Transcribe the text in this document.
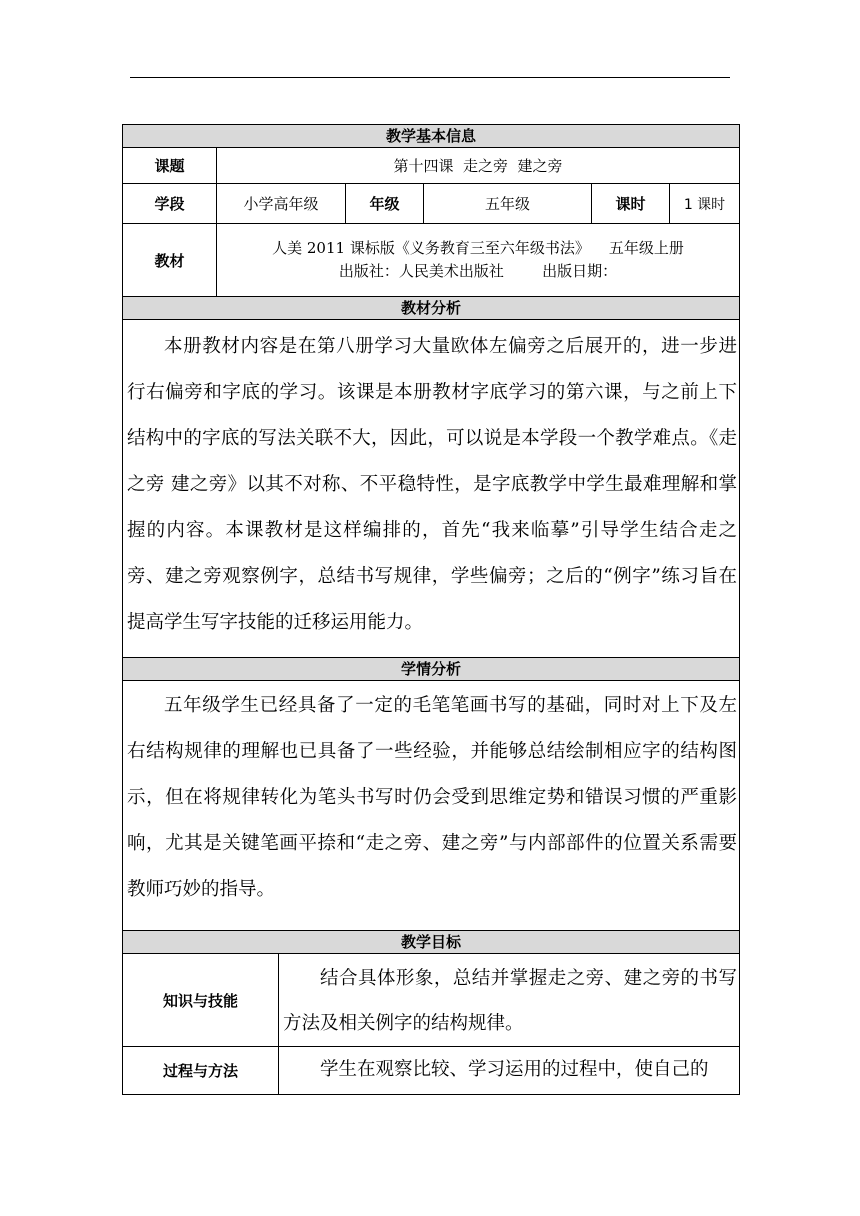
教学基本信息						
课题	第十四课  走之旁  建之旁					
学段	小学高年级		年级	五年级	课时	1 课时
教材	人美 2011 课标版《义务教育三至六年级书法》    五年级上册
出版社：人民美术出版社        出版日期：					

教材分析						

本册教材内容是在第八册学习大量欧体左偏旁之后展开的，进一步进行右偏旁和字底的学习。该课是本册教材字底学习的第六课，与之前上下结构中的字底的写法关联不大，因此，可以说是本学段一个教学难点。《走之旁 建之旁》以其不对称、不平稳特性，是字底教学中学生最难理解和掌握的内容。本课教材是这样编排的，首先“我来临摹”引导学生结合走之旁、建之旁观察例字，总结书写规律，学些偏旁；之后的“例字”练习旨在提高学生写字技能的迁移运用能力。						

学情分析						

五年级学生已经具备了一定的毛笔笔画书写的基础，同时对上下及左右结构规律的理解也已具备了一些经验，并能够总结绘制相应字的结构图示，但在将规律转化为笔头书写时仍会受到思维定势和错误习惯的严重影响，尤其是关键笔画平捺和“走之旁、建之旁”与内部部件的位置关系需要教师巧妙的指导。						

教学目标						
知识与技能		结合具体形象，总结并掌握走之旁、建之旁的书写方法及相关例字的结构规律。				

过程与方法		学生在观察比较、学习运用的过程中，使自己的				
